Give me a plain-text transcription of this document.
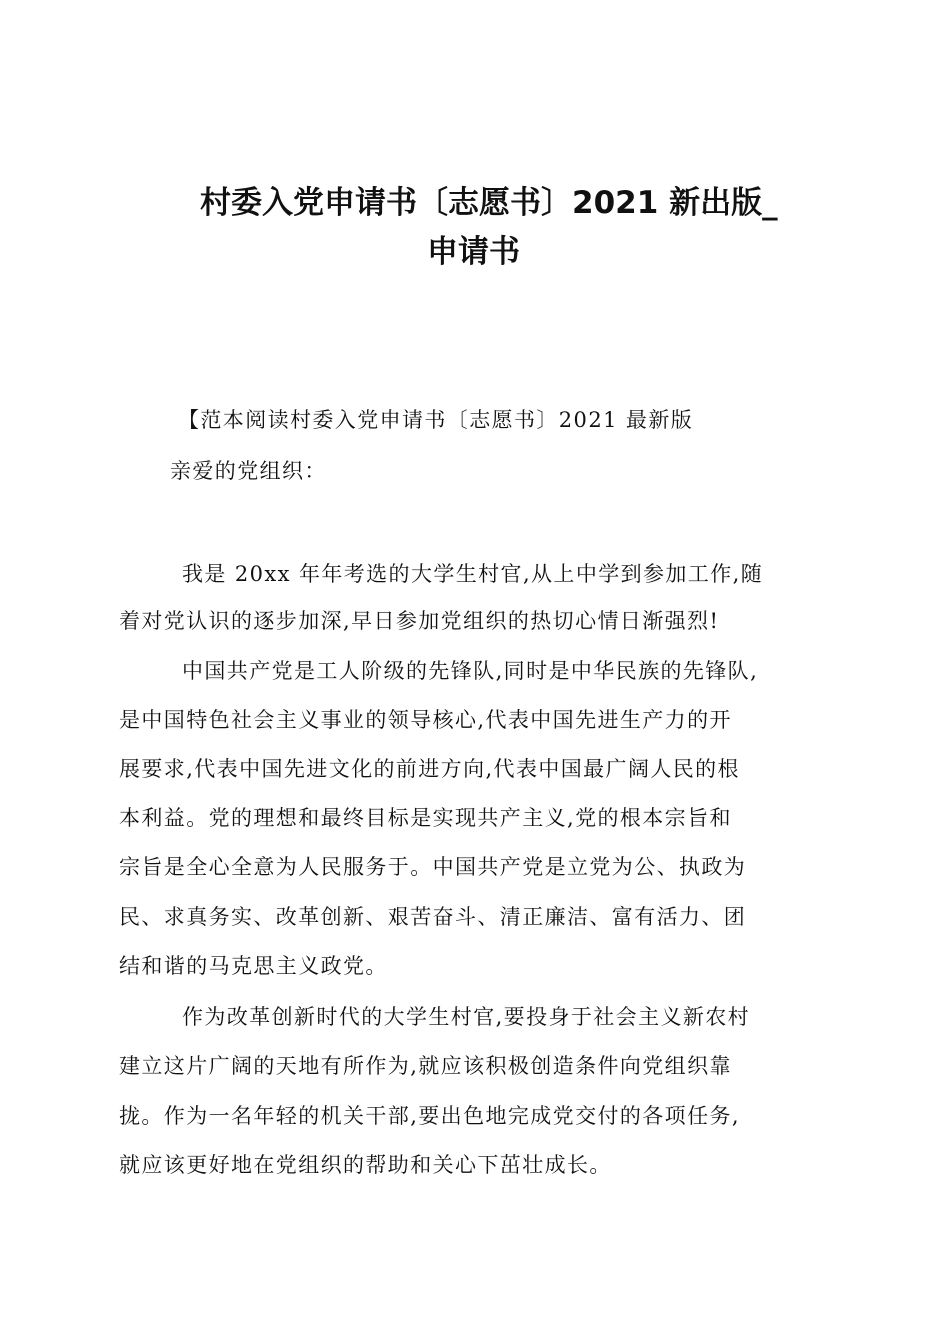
村委入党申请书〔志愿书〕2021 新出版_
申请书
【范本阅读村委入党申请书〔志愿书〕2021 最新版
亲爱的党组织：
我是 20xx 年年考选的大学生村官,从上中学到参加工作,随
着对党认识的逐步加深,早日参加党组织的热切心情日渐强烈!
中国共产党是工人阶级的先锋队,同时是中华民族的先锋队,
是中国特色社会主义事业的领导核心,代表中国先进生产力的开
展要求,代表中国先进文化的前进方向,代表中国最广阔人民的根
本利益。党的理想和最终目标是实现共产主义,党的根本宗旨和
宗旨是全心全意为人民服务于。中国共产党是立党为公、执政为
民、求真务实、改革创新、艰苦奋斗、清正廉洁、富有活力、团
结和谐的马克思主义政党。
作为改革创新时代的大学生村官,要投身于社会主义新农村
建立这片广阔的天地有所作为,就应该积极创造条件向党组织靠
拢。作为一名年轻的机关干部,要出色地完成党交付的各项任务,
就应该更好地在党组织的帮助和关心下茁壮成长。
